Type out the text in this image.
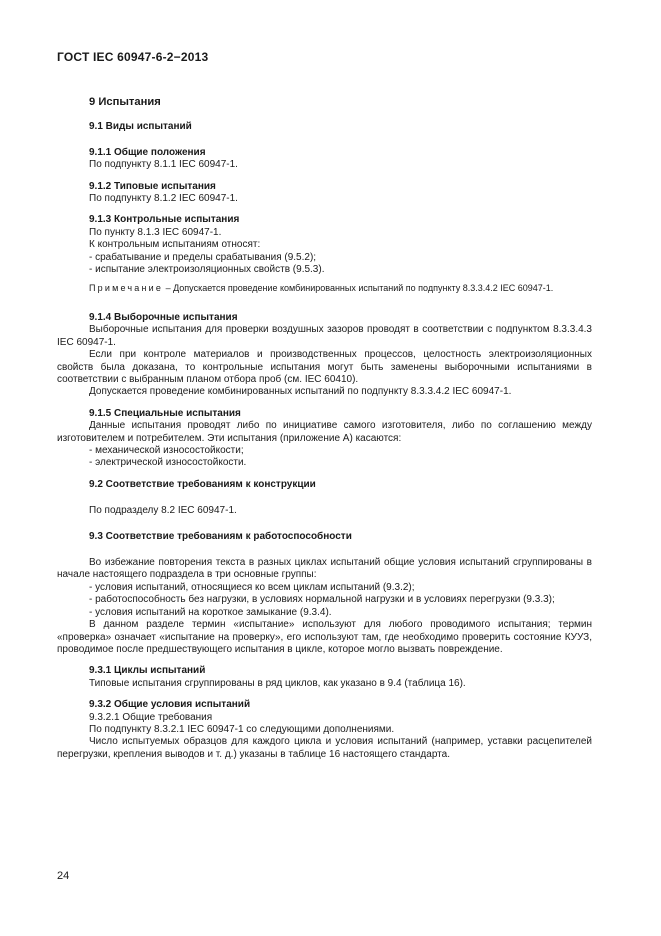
ГОСТ IEC 60947-6-2−2013

9 Испытания

9.1 Виды испытаний

9.1.1 Общие положения

По подпункту 8.1.1 IEC 60947-1.

9.1.2 Типовые испытания

По подпункту 8.1.2 IEC 60947-1.

9.1.3 Контрольные испытания

По пункту 8.1.3 IEC 60947-1.

К контрольным испытаниям относят:

- срабатывание и пределы срабатывания (9.5.2);

- испытание электроизоляционных свойств (9.5.3).

Примечание – Допускается проведение комбинированных испытаний по подпункту 8.3.3.4.2 IEC 60947-1.

9.1.4 Выборочные испытания

Выборочные испытания для проверки воздушных зазоров проводят в соответствии с подпунктом 8.3.3.4.3 IEC 60947-1.

Если при контроле материалов и производственных процессов, целостность электроизоляционных свойств была доказана, то контрольные испытания могут быть заменены выборочными испытаниями в соответствии с выбранным планом отбора проб (см. IEC 60410).

Допускается проведение комбинированных испытаний по подпункту 8.3.3.4.2 IEC 60947-1.

9.1.5 Специальные испытания

Данные испытания проводят либо по инициативе самого изготовителя, либо по соглашению между изготовителем и потребителем. Эти испытания (приложение А) касаются:

- механической износостойкости;

- электрической износостойкости.

9.2 Соответствие требованиям к конструкции

По подразделу 8.2 IEC 60947-1.

9.3 Соответствие требованиям к работоспособности

Во избежание повторения текста в разных циклах испытаний общие условия испытаний сгруппированы в начале настоящего подраздела в три основные группы:

- условия испытаний, относящиеся ко всем циклам испытаний (9.3.2);

- работоспособность без нагрузки, в условиях нормальной нагрузки и в условиях перегрузки (9.3.3);

- условия испытаний на короткое замыкание (9.3.4).

В данном разделе термин «испытание» используют для любого проводимого испытания; термин «проверка» означает «испытание на проверку», его используют там, где необходимо проверить состояние КУУЗ, проводимое после предшествующего испытания в цикле, которое могло вызвать повреждение.

9.3.1 Циклы испытаний

Типовые испытания сгруппированы в ряд циклов, как указано в 9.4 (таблица 16).

9.3.2 Общие условия испытаний

9.3.2.1 Общие требования

По подпункту 8.3.2.1 IEC 60947-1 со следующими дополнениями.

Число испытуемых образцов для каждого цикла и условия испытаний (например, уставки расцепителей перегрузки, крепления выводов и т. д.) указаны в таблице 16 настоящего стандарта.

24
